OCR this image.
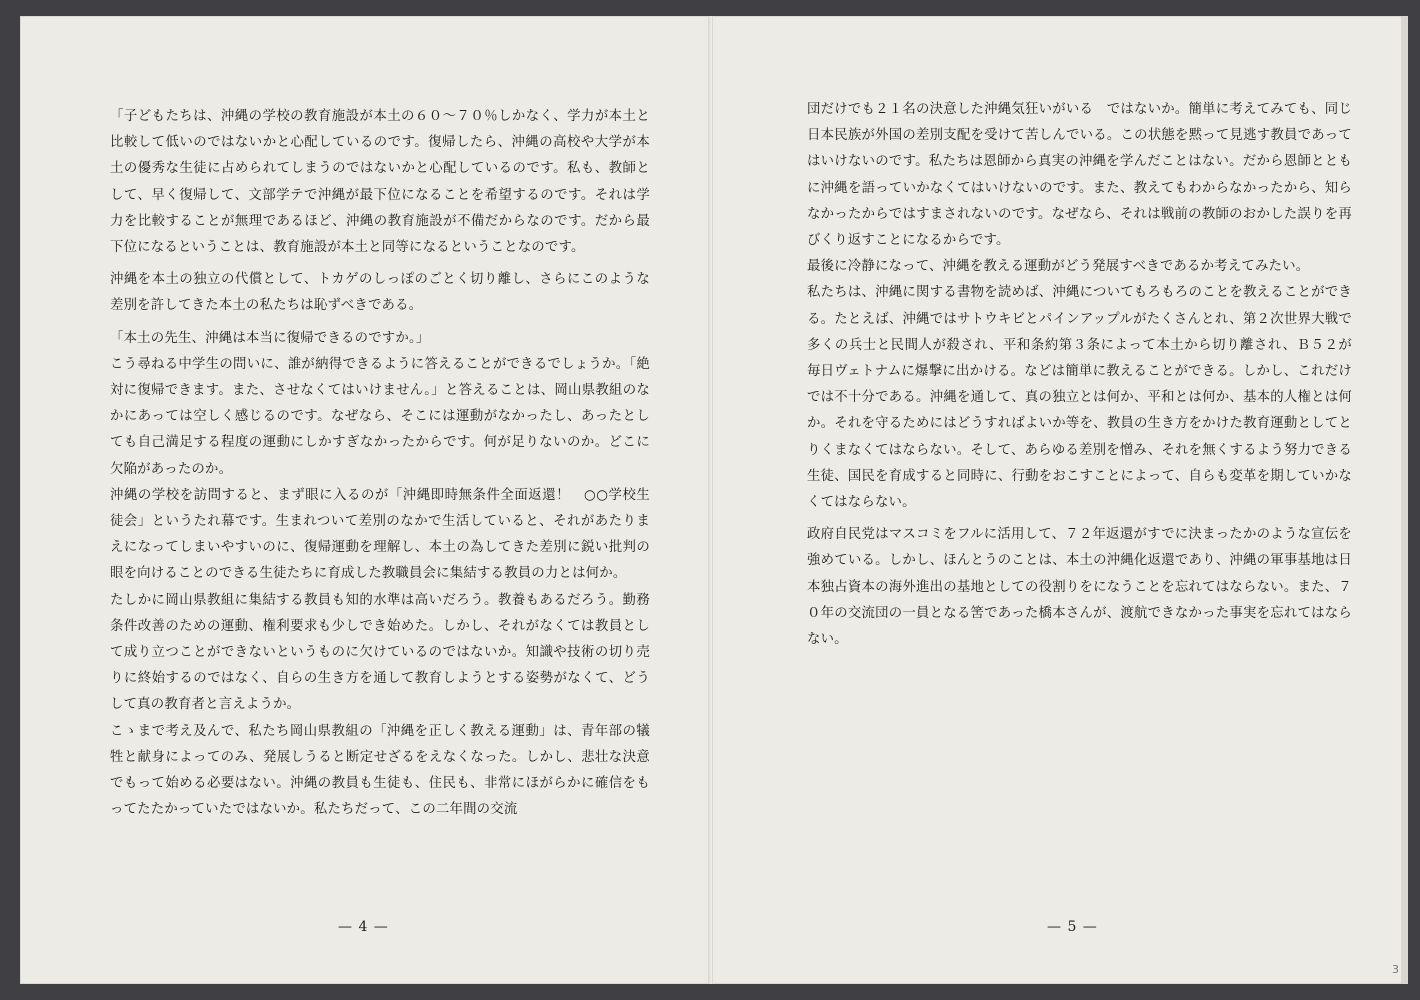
「子どもたちは、沖縄の学校の教育施設が本土の６０〜７０％しかなく、学力が本土と比較して低いのではないかと心配しているのです。復帰したら、沖縄の高校や大学が本土の優秀な生徒に占められてしまうのではないかと心配しているのです。私も、教師として、早く復帰して、文部学テで沖縄が最下位になることを希望するのです。それは学力を比較することが無理であるほど、沖縄の教育施設が不備だからなのです。だから最下位になるということは、教育施設が本土と同等になるということなのです。

沖縄を本土の独立の代償として、トカゲのしっぽのごとく切り離し、さらにこのような差別を許してきた本土の私たちは恥ずべきである。

「本土の先生、沖縄は本当に復帰できるのですか。」

こう尋ねる中学生の問いに、誰が納得できるように答えることができるでしょうか。「絶対に復帰できます。また、させなくてはいけません。」と答えることは、岡山県教組のなかにあっては空しく感じるのです。なぜなら、そこには運動がなかったし、あったとしても自己満足する程度の運動にしかすぎなかったからです。何が足りないのか。どこに欠陥があったのか。

沖縄の学校を訪問すると、まず眼に入るのが「沖縄即時無条件全面返還！　○○学校生徒会」というたれ幕です。生まれついて差別のなかで生活していると、それがあたりまえになってしまいやすいのに、復帰運動を理解し、本土の為してきた差別に鋭い批判の眼を向けることのできる生徒たちに育成した教職員会に集結する教員の力とは何か。

たしかに岡山県教組に集結する教員も知的水準は高いだろう。教養もあるだろう。勤務条件改善のための運動、権利要求も少しでき始めた。しかし、それがなくては教員として成り立つことができないというものに欠けているのではないか。知識や技術の切り売りに終始するのではなく、自らの生き方を通して教育しようとする姿勢がなくて、どうして真の教育者と言えようか。

こゝまで考え及んで、私たち岡山県教組の「沖縄を正しく教える運動」は、青年部の犠牲と献身によってのみ、発展しうると断定せざるをえなくなった。しかし、悲壮な決意でもって始める必要はない。沖縄の教員も生徒も、住民も、非常にほがらかに確信をもってたたかっていたではないか。私たちだって、この二年間の交流

— 4 —

団だけでも２１名の決意した沖縄気狂いがいる　ではないか。簡単に考えてみても、同じ日本民族が外国の差別支配を受けて苦しんでいる。この状態を黙って見逃す教員であってはいけないのです。私たちは恩師から真実の沖縄を学んだことはない。だから恩師とともに沖縄を語っていかなくてはいけないのです。また、教えてもわからなかったから、知らなかったからではすまされないのです。なぜなら、それは戦前の教師のおかした誤りを再びくり返すことになるからです。

最後に冷静になって、沖縄を教える運動がどう発展すべきであるか考えてみたい。

私たちは、沖縄に関する書物を読めば、沖縄についてもろもろのことを教えることができる。たとえば、沖縄ではサトウキビとパインアップルがたくさんとれ、第２次世界大戦で多くの兵士と民間人が殺され、平和条約第３条によって本土から切り離され、Ｂ５２が毎日ヴェトナムに爆撃に出かける。などは簡単に教えることができる。しかし、これだけでは不十分である。沖縄を通して、真の独立とは何か、平和とは何か、基本的人権とは何か。それを守るためにはどうすればよいか等を、教員の生き方をかけた教育運動としてとりくまなくてはならない。そして、あらゆる差別を憎み、それを無くするよう努力できる生徒、国民を育成すると同時に、行動をおこすことによって、自らも変革を期していかなくてはならない。

政府自民党はマスコミをフルに活用して、７２年返還がすでに決まったかのような宣伝を強めている。しかし、ほんとうのことは、本土の沖縄化返還であり、沖縄の軍事基地は日本独占資本の海外進出の基地としての役割りをになうことを忘れてはならない。また、７０年の交流団の一員となる筈であった橋本さんが、渡航できなかった事実を忘れてはならない。

— 5 —
3
